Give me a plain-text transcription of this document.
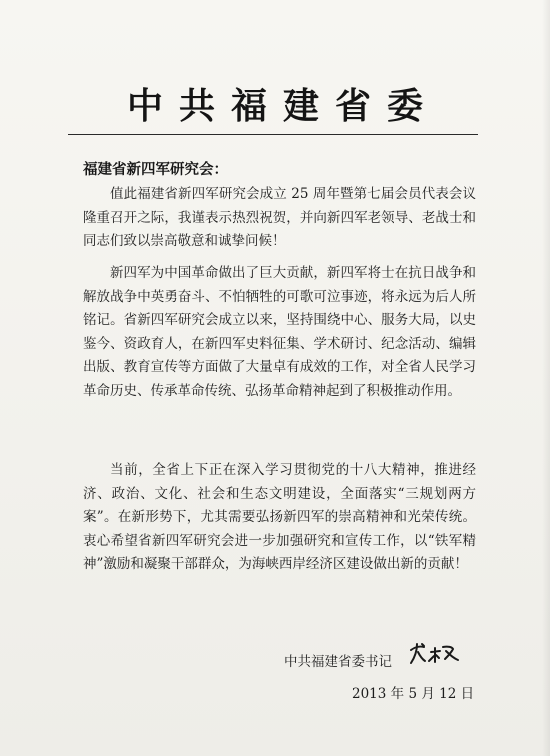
中共福建省委
福建省新四军研究会：
值此福建省新四军研究会成立 25 周年暨第七届会员代表会议隆重召开之际，我谨表示热烈祝贺，并向新四军老领导、老战士和同志们致以崇高敬意和诚挚问候！
新四军为中国革命做出了巨大贡献，新四军将士在抗日战争和解放战争中英勇奋斗、不怕牺牲的可歌可泣事迹，将永远为后人所铭记。省新四军研究会成立以来，坚持围绕中心、服务大局，以史鉴今、资政育人，在新四军史料征集、学术研讨、纪念活动、编辑出版、教育宣传等方面做了大量卓有成效的工作，对全省人民学习革命历史、传承革命传统、弘扬革命精神起到了积极推动作用。
当前，全省上下正在深入学习贯彻党的十八大精神，推进经济、政治、文化、社会和生态文明建设，全面落实“三规划两方案”。在新形势下，尤其需要弘扬新四军的崇高精神和光荣传统。衷心希望省新四军研究会进一步加强研究和宣传工作，以“铁军精神”激励和凝聚干部群众，为海峡西岸经济区建设做出新的贡献！
中共福建省委书记
2013 年 5 月 12 日
